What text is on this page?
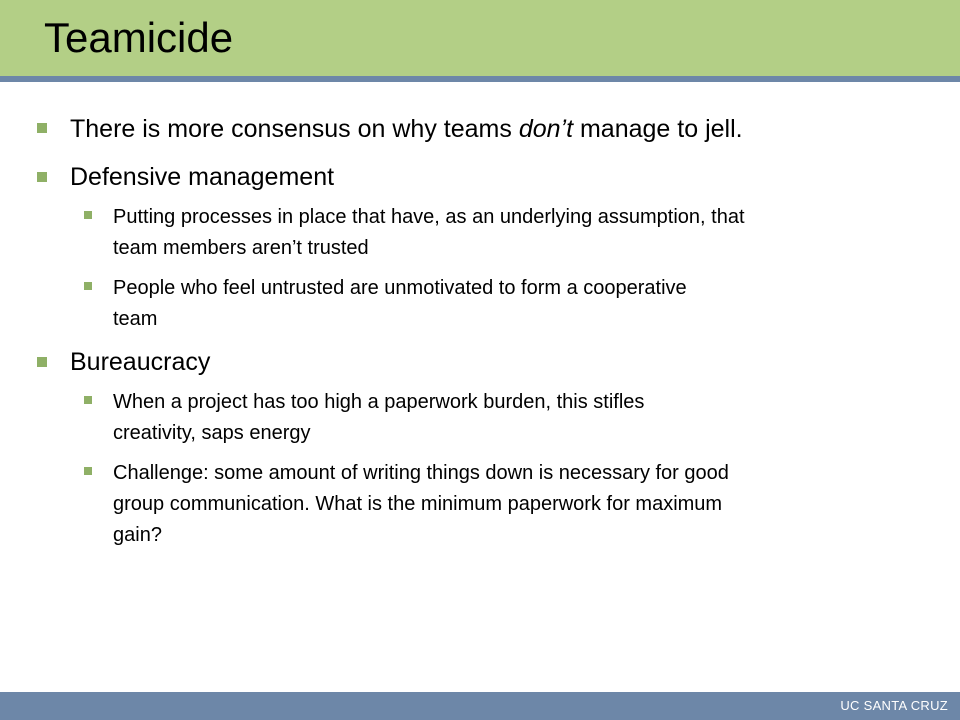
Teamicide
There is more consensus on why teams don’t manage to jell.
Defensive management
Putting processes in place that have, as an underlying assumption, that
team members aren’t trusted
People who feel untrusted are unmotivated to form a cooperative
team
Bureaucracy
When a project has too high a paperwork burden, this stifles
creativity, saps energy
Challenge: some amount of writing things down is necessary for good
group communication. What is the minimum paperwork for maximum
gain?
UC SANTA CRUZ
